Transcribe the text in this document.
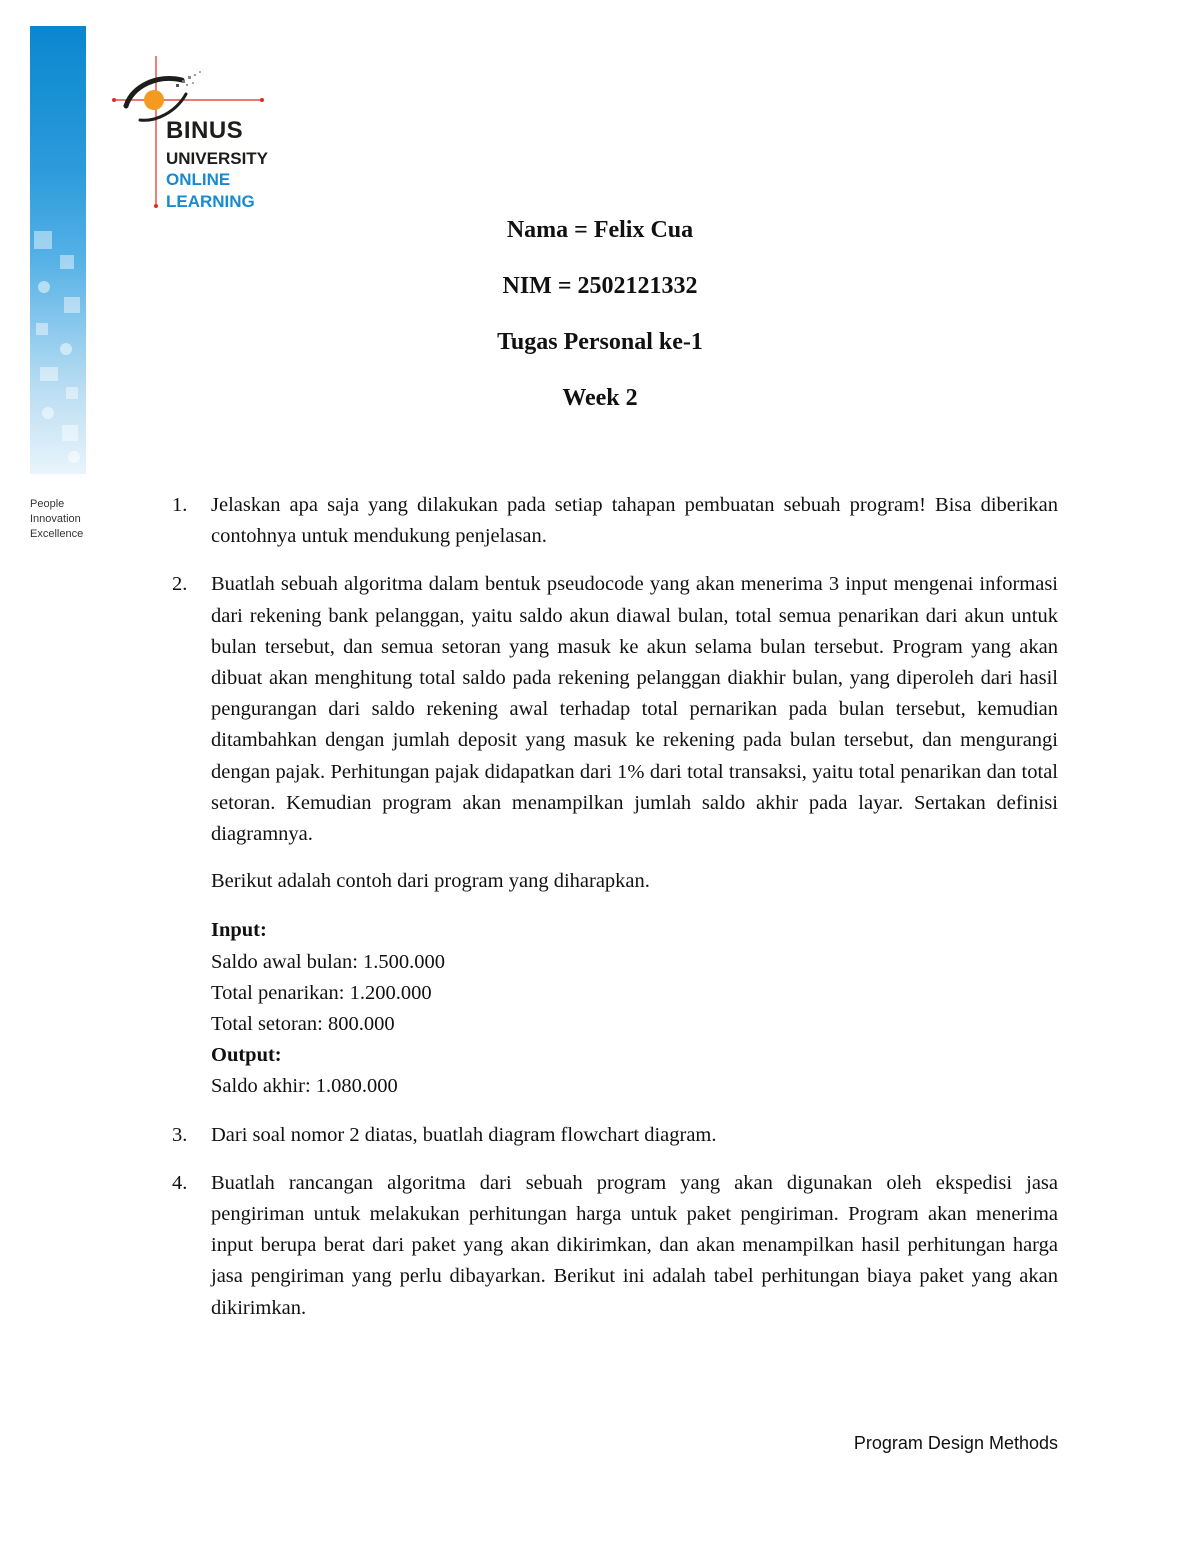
People
Innovation
Excellence
BINUS
UNIVERSITY
ONLINE
LEARNING
Nama = Felix Cua
NIM = 2502121332
Tugas Personal ke-1
Week 2
1. Jelaskan apa saja yang dilakukan pada setiap tahapan pembuatan sebuah program! Bisa diberikan contohnya untuk mendukung penjelasan.
2. Buatlah sebuah algoritma dalam bentuk pseudocode yang akan menerima 3 input mengenai informasi dari rekening bank pelanggan, yaitu saldo akun diawal bulan, total semua penarikan dari akun untuk bulan tersebut, dan semua setoran yang masuk ke akun selama bulan tersebut. Program yang akan dibuat akan menghitung total saldo pada rekening pelanggan diakhir bulan, yang diperoleh dari hasil pengurangan dari saldo rekening awal terhadap total pernarikan pada bulan tersebut, kemudian ditambahkan dengan jumlah deposit yang masuk ke rekening pada bulan tersebut, dan mengurangi dengan pajak. Perhitungan pajak didapatkan dari 1% dari total transaksi, yaitu total penarikan dan total setoran. Kemudian program akan menampilkan jumlah saldo akhir pada layar. Sertakan definisi diagramnya.
Berikut adalah contoh dari program yang diharapkan.
Input:
Saldo awal bulan: 1.500.000
Total penarikan: 1.200.000
Total setoran: 800.000
Output:
Saldo akhir: 1.080.000
3. Dari soal nomor 2 diatas, buatlah diagram flowchart diagram.
4. Buatlah rancangan algoritma dari sebuah program yang akan digunakan oleh ekspedisi jasa pengiriman untuk melakukan perhitungan harga untuk paket pengiriman. Program akan menerima input berupa berat dari paket yang akan dikirimkan, dan akan menampilkan hasil perhitungan harga jasa pengiriman yang perlu dibayarkan. Berikut ini adalah tabel perhitungan biaya paket yang akan dikirimkan.
Program Design Methods
